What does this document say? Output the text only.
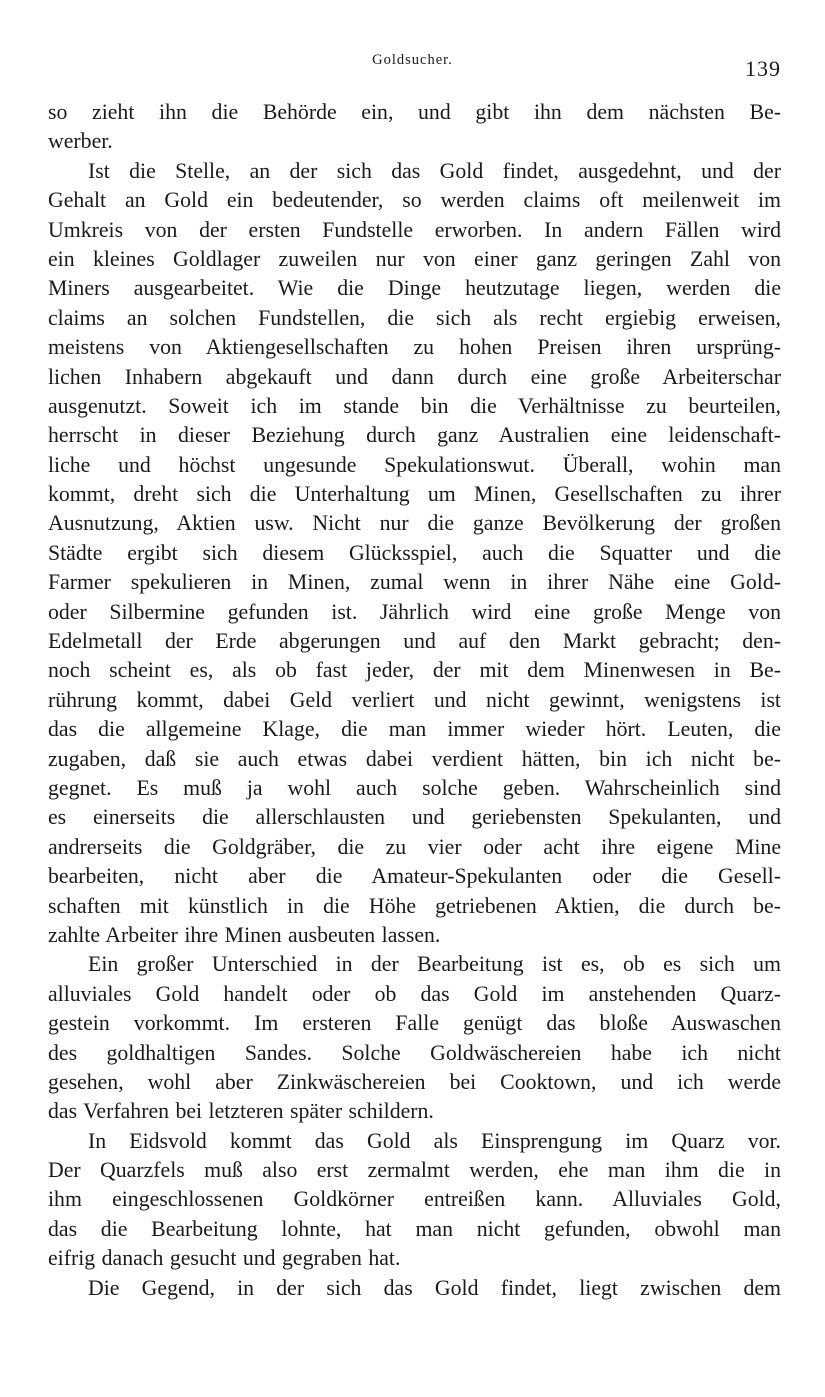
Goldsucher.	139
so zieht ihn die Behörde ein, und gibt ihn dem nächsten Be-
werber.
Ist die Stelle, an der sich das Gold findet, ausgedehnt, und der
Gehalt an Gold ein bedeutender, so werden claims oft meilenweit im
Umkreis von der ersten Fundstelle erworben. In andern Fällen wird
ein kleines Goldlager zuweilen nur von einer ganz geringen Zahl von
Miners ausgearbeitet. Wie die Dinge heutzutage liegen, werden die
claims an solchen Fundstellen, die sich als recht ergiebig erweisen,
meistens von Aktiengesellschaften zu hohen Preisen ihren ursprüng-
lichen Inhabern abgekauft und dann durch eine große Arbeiterschar
ausgenutzt. Soweit ich im stande bin die Verhältnisse zu beurteilen,
herrscht in dieser Beziehung durch ganz Australien eine leidenschaft-
liche und höchst ungesunde Spekulationswut. Überall, wohin man
kommt, dreht sich die Unterhaltung um Minen, Gesellschaften zu ihrer
Ausnutzung, Aktien usw. Nicht nur die ganze Bevölkerung der großen
Städte ergibt sich diesem Glücksspiel, auch die Squatter und die
Farmer spekulieren in Minen, zumal wenn in ihrer Nähe eine Gold-
oder Silbermine gefunden ist. Jährlich wird eine große Menge von
Edelmetall der Erde abgerungen und auf den Markt gebracht; den-
noch scheint es, als ob fast jeder, der mit dem Minenwesen in Be-
rührung kommt, dabei Geld verliert und nicht gewinnt, wenigstens ist
das die allgemeine Klage, die man immer wieder hört. Leuten, die
zugaben, daß sie auch etwas dabei verdient hätten, bin ich nicht be-
gegnet. Es muß ja wohl auch solche geben. Wahrscheinlich sind
es einerseits die allerschlausten und geriebensten Spekulanten, und
andrerseits die Goldgräber, die zu vier oder acht ihre eigene Mine
bearbeiten, nicht aber die Amateur-Spekulanten oder die Gesell-
schaften mit künstlich in die Höhe getriebenen Aktien, die durch be-
zahlte Arbeiter ihre Minen ausbeuten lassen.
Ein großer Unterschied in der Bearbeitung ist es, ob es sich um
alluviales Gold handelt oder ob das Gold im anstehenden Quarz-
gestein vorkommt. Im ersteren Falle genügt das bloße Auswaschen
des goldhaltigen Sandes. Solche Goldwäschereien habe ich nicht
gesehen, wohl aber Zinkwäschereien bei Cooktown, und ich werde
das Verfahren bei letzteren später schildern.
In Eidsvold kommt das Gold als Einsprengung im Quarz vor.
Der Quarzfels muß also erst zermalmt werden, ehe man ihm die in
ihm eingeschlossenen Goldkörner entreißen kann. Alluviales Gold,
das die Bearbeitung lohnte, hat man nicht gefunden, obwohl man
eifrig danach gesucht und gegraben hat.
Die Gegend, in der sich das Gold findet, liegt zwischen dem
